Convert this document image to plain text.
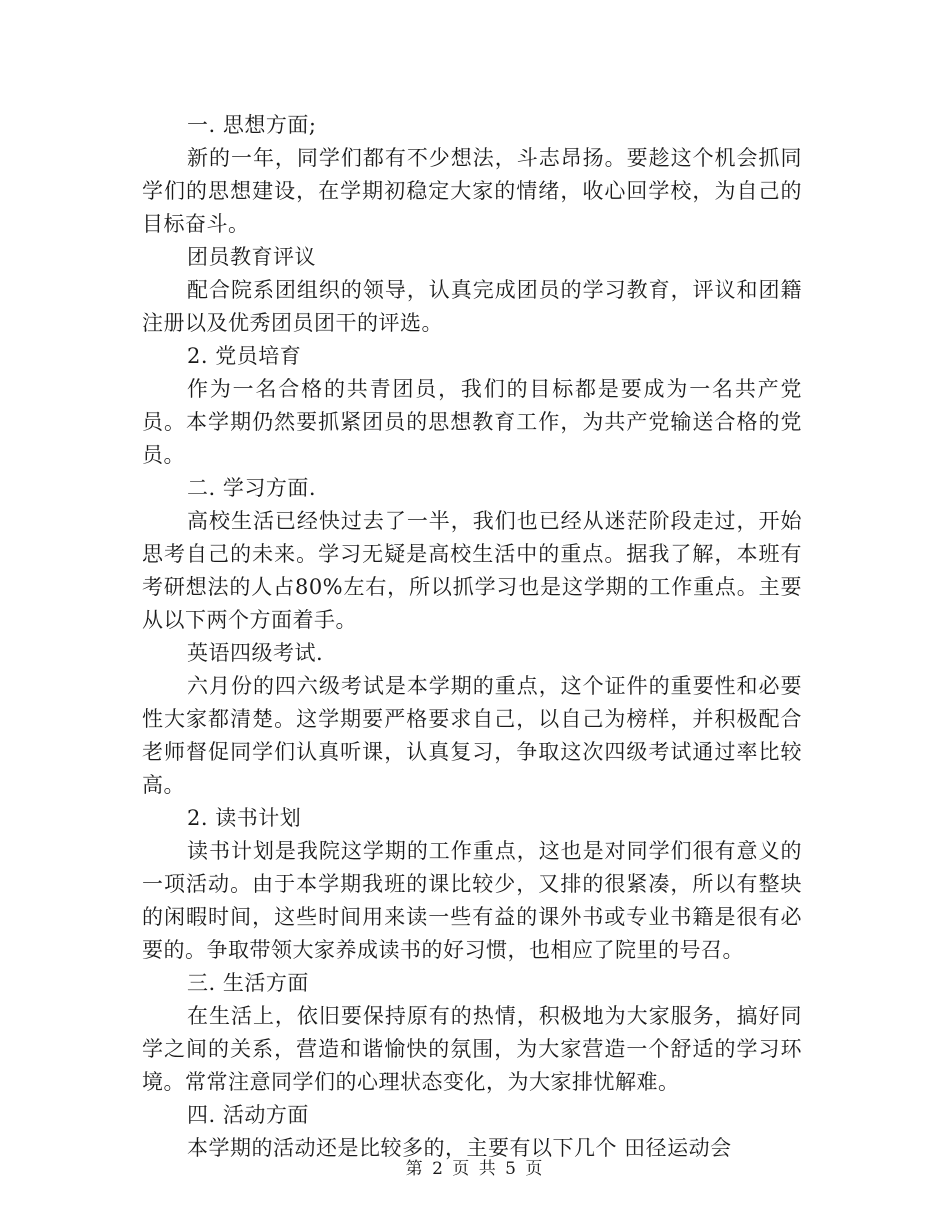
一. 思想方面;

新的一年，同学们都有不少想法，斗志昂扬。要趁这个机会抓同学们的思想建设，在学期初稳定大家的情绪，收心回学校，为自己的目标奋斗。

团员教育评议

配合院系团组织的领导，认真完成团员的学习教育，评议和团籍注册以及优秀团员团干的评选。

2. 党员培育

作为一名合格的共青团员，我们的目标都是要成为一名共产党员。本学期仍然要抓紧团员的思想教育工作，为共产党输送合格的党员。

二. 学习方面.

高校生活已经快过去了一半，我们也已经从迷茫阶段走过，开始思考自己的未来。学习无疑是高校生活中的重点。据我了解，本班有考研想法的人占80%左右，所以抓学习也是这学期的工作重点。主要从以下两个方面着手。

英语四级考试.

六月份的四六级考试是本学期的重点，这个证件的重要性和必要性大家都清楚。这学期要严格要求自己，以自己为榜样，并积极配合老师督促同学们认真听课，认真复习，争取这次四级考试通过率比较高。

2. 读书计划

读书计划是我院这学期的工作重点，这也是对同学们很有意义的一项活动。由于本学期我班的课比较少，又排的很紧凑，所以有整块的闲暇时间，这些时间用来读一些有益的课外书或专业书籍是很有必要的。争取带领大家养成读书的好习惯，也相应了院里的号召。

三. 生活方面

在生活上，依旧要保持原有的热情，积极地为大家服务，搞好同学之间的关系，营造和谐愉快的氛围，为大家营造一个舒适的学习环境。常常注意同学们的心理状态变化，为大家排忧解难。

四. 活动方面

本学期的活动还是比较多的，主要有以下几个 田径运动会

第 2 页 共 5 页
